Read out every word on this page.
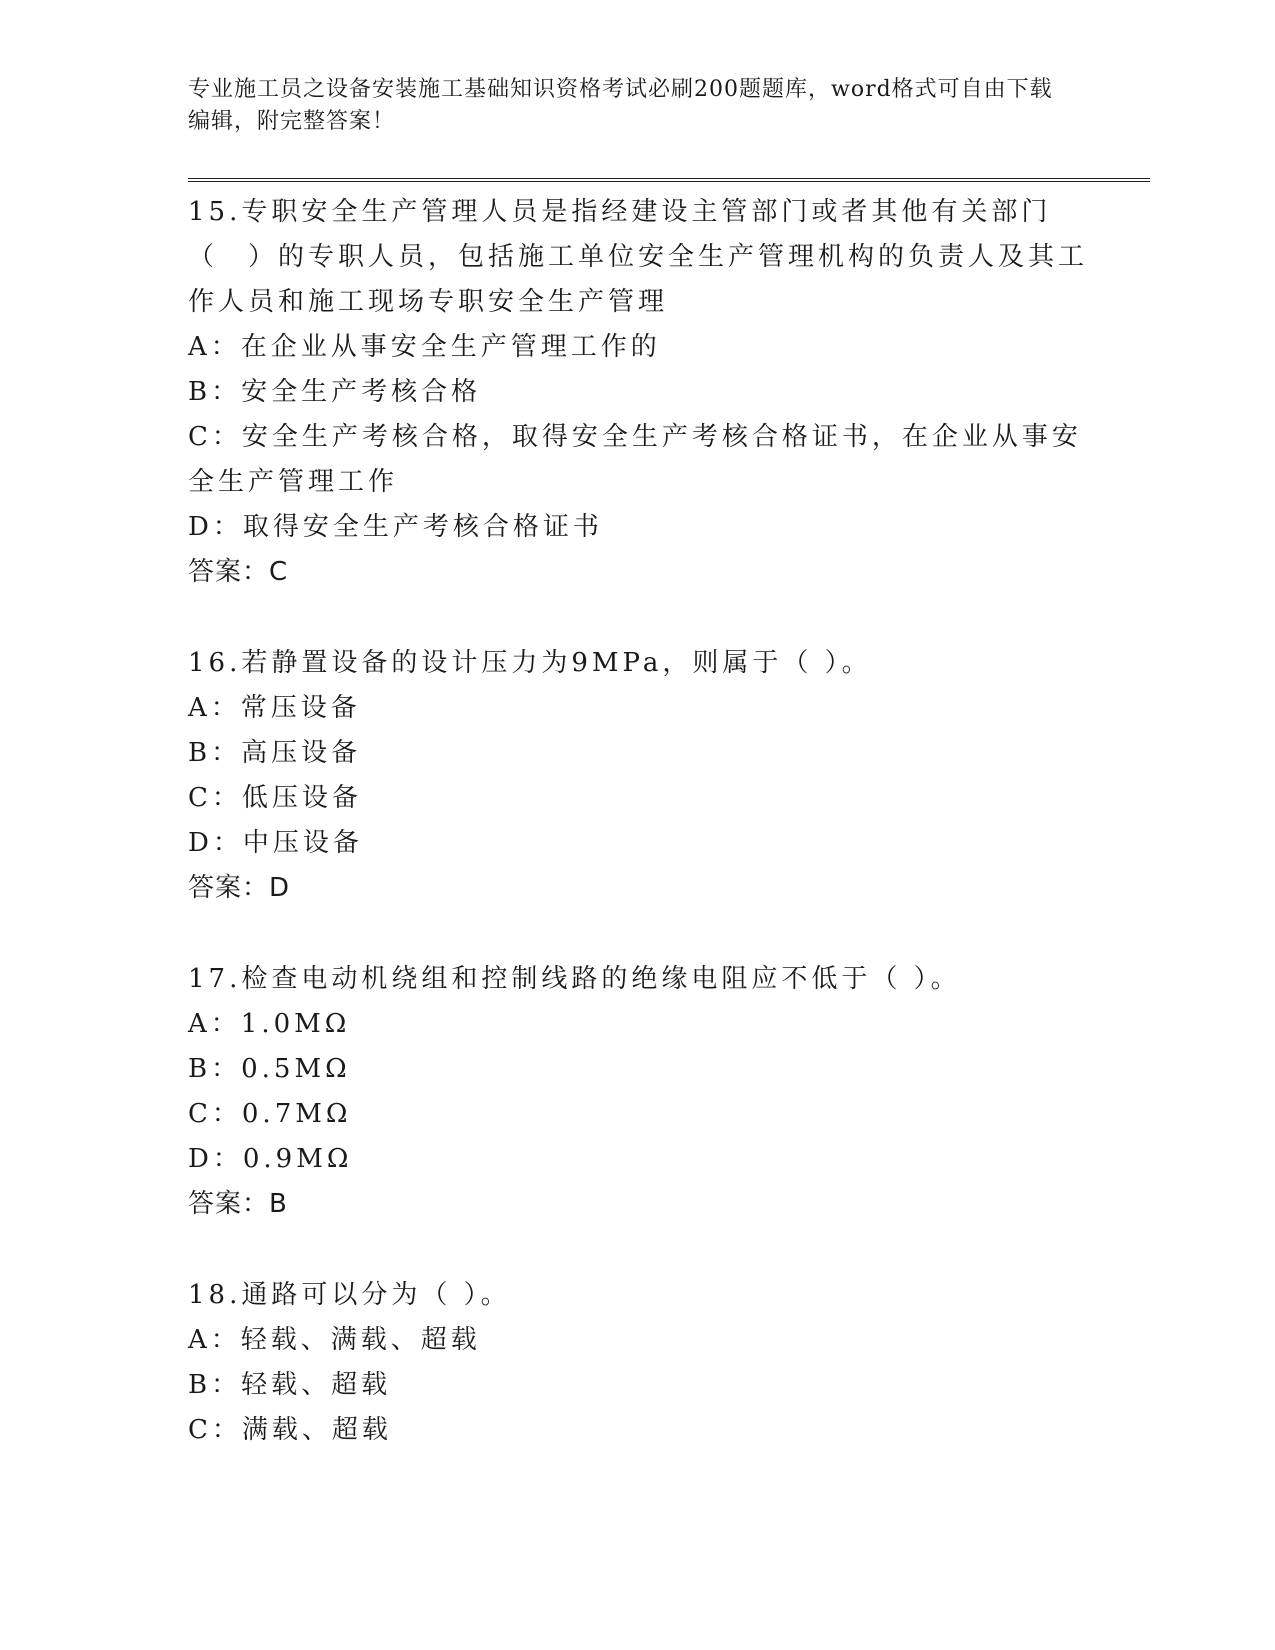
专业施工员之设备安装施工基础知识资格考试必刷200题题库，word格式可自由下载编辑，附完整答案！
15.专职安全生产管理人员是指经建设主管部门或者其他有关部门（　）的专职人员，包括施工单位安全生产管理机构的负责人及其工作人员和施工现场专职安全生产管理
A：在企业从事安全生产管理工作的
B：安全生产考核合格
C：安全生产考核合格，取得安全生产考核合格证书，在企业从事安全生产管理工作
D：取得安全生产考核合格证书
答案：C
16.若静置设备的设计压力为9MPa，则属于（ ）。
A：常压设备
B：高压设备
C：低压设备
D：中压设备
答案：D
17.检查电动机绕组和控制线路的绝缘电阻应不低于（ ）。
A：1.0MΩ
B：0.5MΩ
C：0.7MΩ
D：0.9MΩ
答案：B
18.通路可以分为（ ）。
A：轻载、满载、超载
B：轻载、超载
C：满载、超载
